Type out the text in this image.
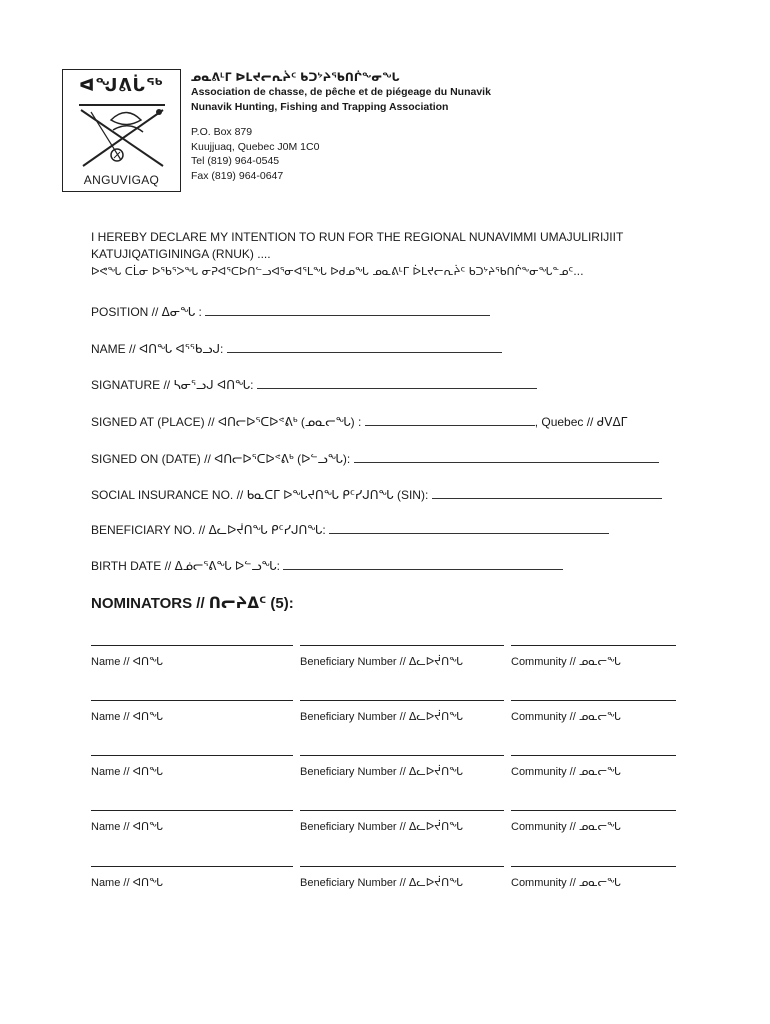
ᐊᖑᕕᒑᖅ
ANGUVIGAQ
ᓄᓇᕕᒻᒥ ᐅᒪᔪᓕᕆᔩᑦ ᑲᑐᔾᔨᖃᑎᒌᖕᓂᖓ
Association de chasse, de pêche et de piégeage du Nunavik
Nunavik Hunting, Fishing and Trapping Association
P.O. Box 879
Kuujjuaq, Quebec J0M 1C0
Tel (819) 964-0545
Fax (819) 964-0647
I HEREBY DECLARE MY INTENTION TO RUN FOR THE REGIONAL NUNAVIMMI UMAJULIRIJIIT KATUJIQATIGININGA (RNUK) ....
ᐅᕙᖓ ᑕᒫᓂ ᐅᖃᕐᐳᖓ ᓂᕈᐊᕐᑕᐅᑎᓪᓗᐊᕐᓂᐊᕐᒪᖓ ᐅᑯᓄᖓ ᓄᓇᕕᒻᒥ ᐆᒪᔪᓕᕆᔩᑦ ᑲᑐᔾᔨᖃᑎᒌᖕᓂᖓᓐᓄᑦ...
POSITION // ᐃᓂᖓ :
NAME // ᐊᑎᖓ ᐊᕐᖃᓗᒍ:
SIGNATURE // ᓴᓂᕐᓗᒍ ᐊᑎᖓ:
SIGNED AT (PLACE) // ᐊᑎᓕᐅᕐᑕᐅᕝᕕᒃ (ᓄᓇᓕᖓ) :	, Quebec // ᑯᐯᐃᒥ
SIGNED ON (DATE) // ᐊᑎᓕᐅᕐᑕᐅᕝᕕᒃ (ᐅᓪᓗᖓ):
SOCIAL INSURANCE NO. // ᑲᓇᑕᒥ ᐅᖓᔪᑎᖓ ᑭᑦᓯᒍᑎᖓ (SIN):
BENEFICIARY NO. // ᐃᓚᐅᔫᑎᖓ ᑭᑦᓯᒍᑎᖓ:
BIRTH DATE // ᐃᓅᓕᕐᕕᖓ ᐅᓪᓗᖓ:
NOMINATORS // ᑎᓕᔨᐃᑦ (5):
Name // ᐊᑎᖓ	Beneficiary Number // ᐃᓚᐅᔫᑎᖓ	Community // ᓄᓇᓕᖓ
Name // ᐊᑎᖓ	Beneficiary Number // ᐃᓚᐅᔫᑎᖓ	Community // ᓄᓇᓕᖓ
Name // ᐊᑎᖓ	Beneficiary Number // ᐃᓚᐅᔫᑎᖓ	Community // ᓄᓇᓕᖓ
Name // ᐊᑎᖓ	Beneficiary Number // ᐃᓚᐅᔫᑎᖓ	Community // ᓄᓇᓕᖓ
Name // ᐊᑎᖓ	Beneficiary Number // ᐃᓚᐅᔫᑎᖓ	Community // ᓄᓇᓕᖓ
